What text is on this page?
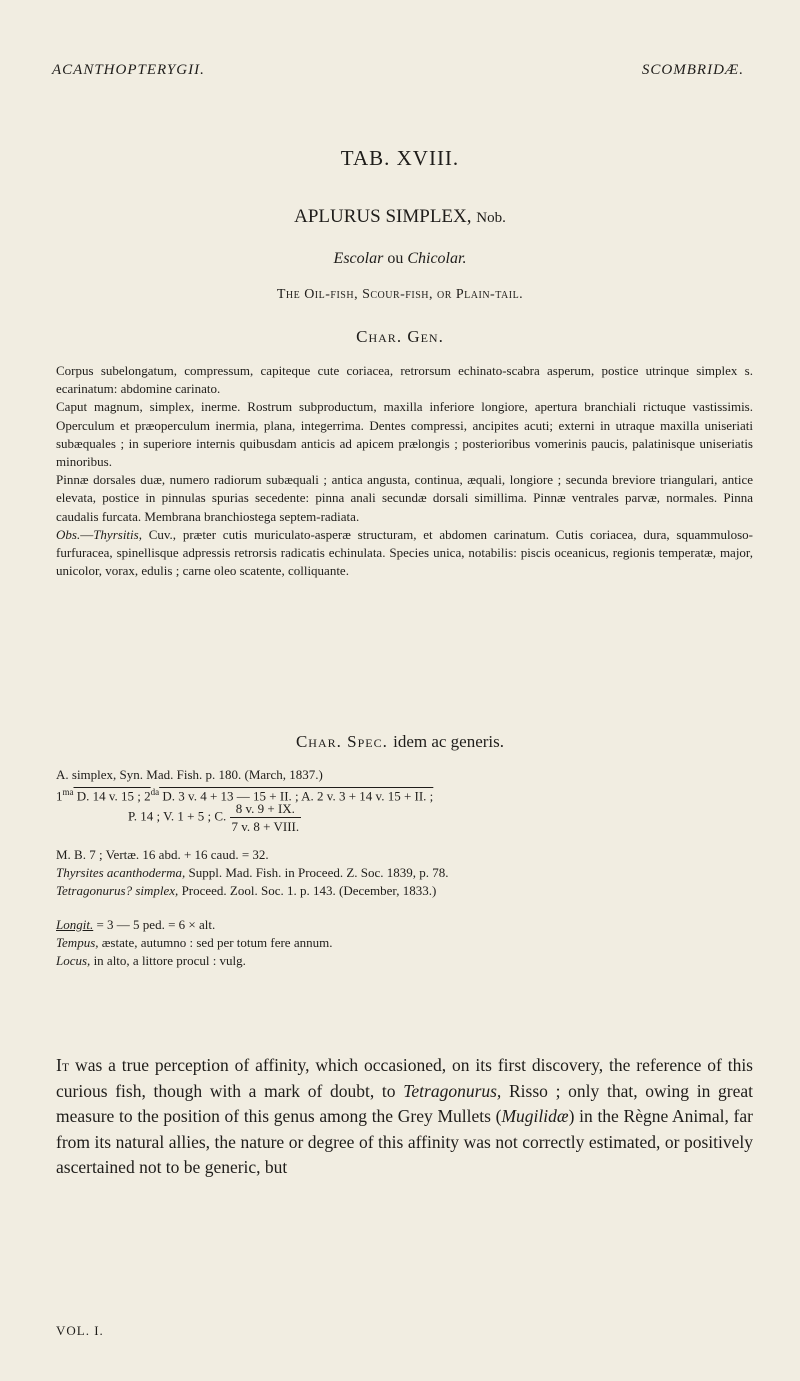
ACANTHOPTERYGII.	SCOMBRIDÆ.
TAB. XVIII.
APLURUS SIMPLEX, Nob.
Escolar ou Chicolar.
The Oil-fish, Scour-fish, or Plain-tail.
Char. Gen.

Corpus subelongatum, compressum, capiteque cute coriacea, retrorsum echinato-scabra asperum, postice utrinque simplex s. ecarinatum: abdomine carinato.

Caput magnum, simplex, inerme. Rostrum subproductum, maxilla inferiore longiore, apertura branchiali rictuque vastissimis. Operculum et præoperculum inermia, plana, integerrima. Dentes compressi, ancipites acuti; externi in utraque maxilla uniseriati subæquales ; in superiore internis quibusdam anticis ad apicem prælongis ; posterioribus vomerinis paucis, palatinisque uniseriatis minoribus.

Pinnæ dorsales duæ, numero radiorum subæquali ; antica angusta, continua, æquali, longiore ; secunda breviore triangulari, antice elevata, postice in pinnulas spurias secedente: pinna anali secundæ dorsali simillima. Pinnæ ventrales parvæ, normales. Pinna caudalis furcata. Membrana branchiostega septem-radiata.

Obs.—Thyrsitis, Cuv., præter cutis muriculato-asperæ structuram, et abdomen carinatum. Cutis coriacea, dura, squammuloso-furfuracea, spinellisque adpressis retrorsis radicatis echinulata. Species unica, notabilis: piscis oceanicus, regionis temperatæ, major, unicolor, vorax, edulis ; carne oleo scatente, colliquante.

Char. Spec. idem ac generis.
A. simplex, Syn. Mad. Fish. p. 180. (March, 1837.)
$1^{ma}$ D. 14 v. 15 ; $2^{da}$ D. 3 v. 4 + 13 — 15 + II. ; A. 2 v. 3 + 14 v. 15 + II. ;
P. 14 ; V. 1 + 5 ; C. $\frac{8 v. 9 + IX.}{\text{7 v. 8 + VIII.}}$
M. B. 7 ; Vertæ. 16 abd. + 16 caud. = 32.
Thyrsites acanthoderma, Suppl. Mad. Fish. in Proceed. Z. Soc. 1839, p. 78.
Tetragonurus? simplex, Proceed. Zool. Soc. 1. p. 143. (December, 1833.)
Longit. = 3 — 5 ped. = 6 × alt.
Tempus, æstate, autumno : sed per totum fere annum.
Locus, in alto, a littore procul : vulg.
It was a true perception of affinity, which occasioned, on its first discovery, the reference of this curious fish, though with a mark of doubt, to Tetragonurus, Risso ; only that, owing in great measure to the position of this genus among the Grey Mullets (Mugilidæ) in the Règne Animal, far from its natural allies, the nature or degree of this affinity was not correctly estimated, or positively ascertained not to be generic, but
VOL. I.
